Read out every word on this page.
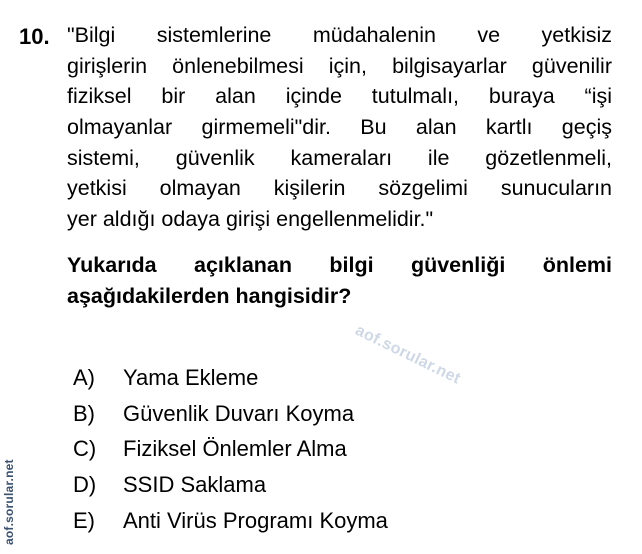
10. "Bilgi sistemlerine müdahalenin ve yetkisiz
girişlerin önlenebilmesi için, bilgisayarlar güvenilir
fiziksel bir alan içinde tutulmalı, buraya “işi
olmayanlar girmemeli"dir. Bu alan kartlı geçiş
sistemi, güvenlik kameraları ile gözetlenmeli,
yetkisi olmayan kişilerin sözgelimi sunucuların
yer aldığı odaya girişi engellenmelidir."
Yukarıda açıklanan bilgi güvenliği önlemi
aşağıdakilerden hangisidir?
A)	Yama Ekleme
B)	Güvenlik Duvarı Koyma
C)	Fiziksel Önlemler Alma
D)	SSID Saklama
E)	Anti Virüs Programı Koyma
aof.sorular.net
aof.sorular.net
